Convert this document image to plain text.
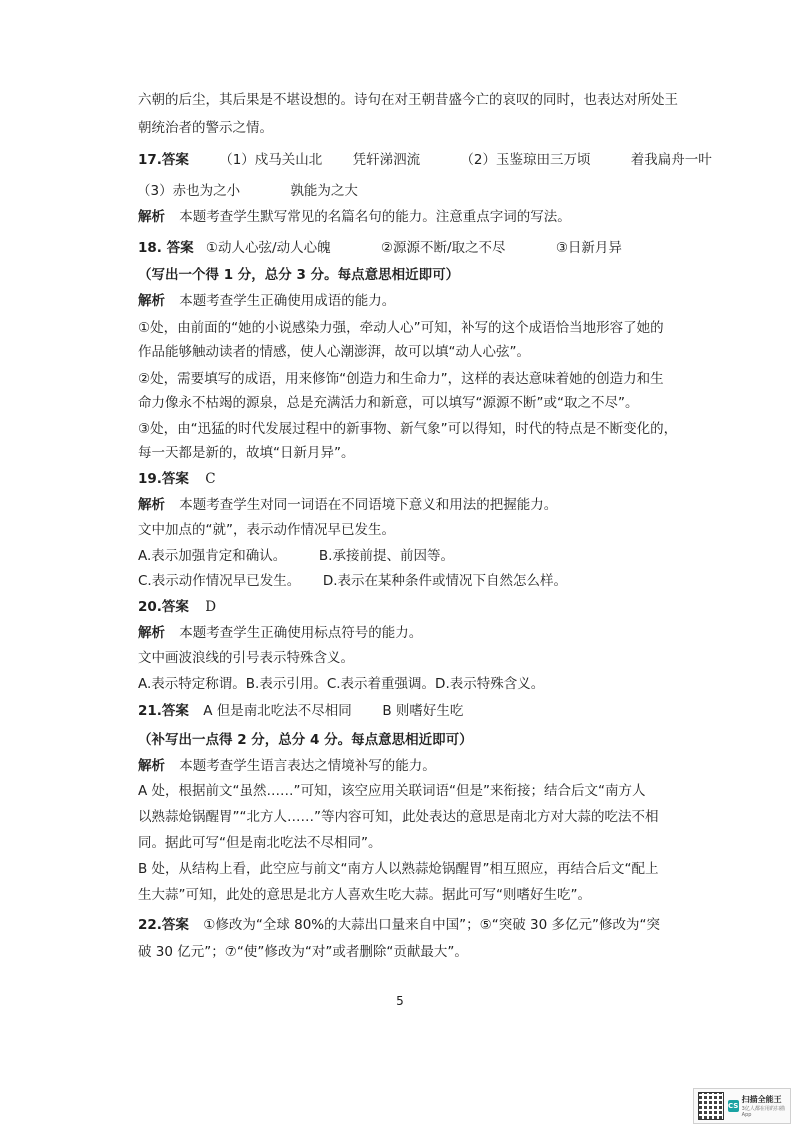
六朝的后尘，其后果是不堪设想的。诗句在对王朝昔盛今亡的哀叹的同时，也表达对所处王
朝统治者的警示之情。
17.答案 （1）戍马关山北 凭轩涕泗流	（2）玉鉴琼田三万顷	着我扁舟一叶
（3）赤也为之小	孰能为之大
解析 本题考查学生默写常见的名篇名句的能力。注意重点字词的写法。
18. 答案 ①动人心弦/动人心魄	②源源不断/取之不尽	③日新月异
（写出一个得 1 分，总分 3 分。每点意思相近即可）
解析 本题考查学生正确使用成语的能力。
①处，由前面的“她的小说感染力强，牵动人心”可知，补写的这个成语恰当地形容了她的
作品能够触动读者的情感，使人心潮澎湃，故可以填“动人心弦”。
②处，需要填写的成语，用来修饰“创造力和生命力”，这样的表达意味着她的创造力和生
命力像永不枯竭的源泉，总是充满活力和新意，可以填写“源源不断”或“取之不尽”。
③处，由“迅猛的时代发展过程中的新事物、新气象”可以得知，时代的特点是不断变化的，
每一天都是新的，故填“日新月异”。
19.答案 C
解析 本题考查学生对同一词语在不同语境下意义和用法的把握能力。
文中加点的“就”，表示动作情况早已发生。
A.表示加强肯定和确认。 B.承接前提、前因等。
C.表示动作情况早已发生。 D.表示在某种条件或情况下自然怎么样。
20.答案 D
解析 本题考查学生正确使用标点符号的能力。
文中画波浪线的引号表示特殊含义。
A.表示特定称谓。B.表示引用。C.表示着重强调。D.表示特殊含义。
21.答案 A 但是南北吃法不尽相同 B 则嗜好生吃
（补写出一点得 2 分，总分 4 分。每点意思相近即可）
解析 本题考查学生语言表达之情境补写的能力。
A 处，根据前文“虽然……”可知，该空应用关联词语“但是”来衔接；结合后文“南方人
以熟蒜炝锅醒胃”“北方人……”等内容可知，此处表达的意思是南北方对大蒜的吃法不相
同。据此可写“但是南北吃法不尽相同”。
B 处，从结构上看，此空应与前文“南方人以熟蒜炝锅醒胃”相互照应，再结合后文“配上
生大蒜”可知，此处的意思是北方人喜欢生吃大蒜。据此可写“则嗜好生吃”。
22.答案 ①修改为“全球 80%的大蒜出口量来自中国”；⑤“突破 30 多亿元”修改为“突
破 30 亿元”；⑦“使”修改为“对”或者删除“贡献最大”。
5
CS
扫描全能王
3亿人都在用的扫描App
